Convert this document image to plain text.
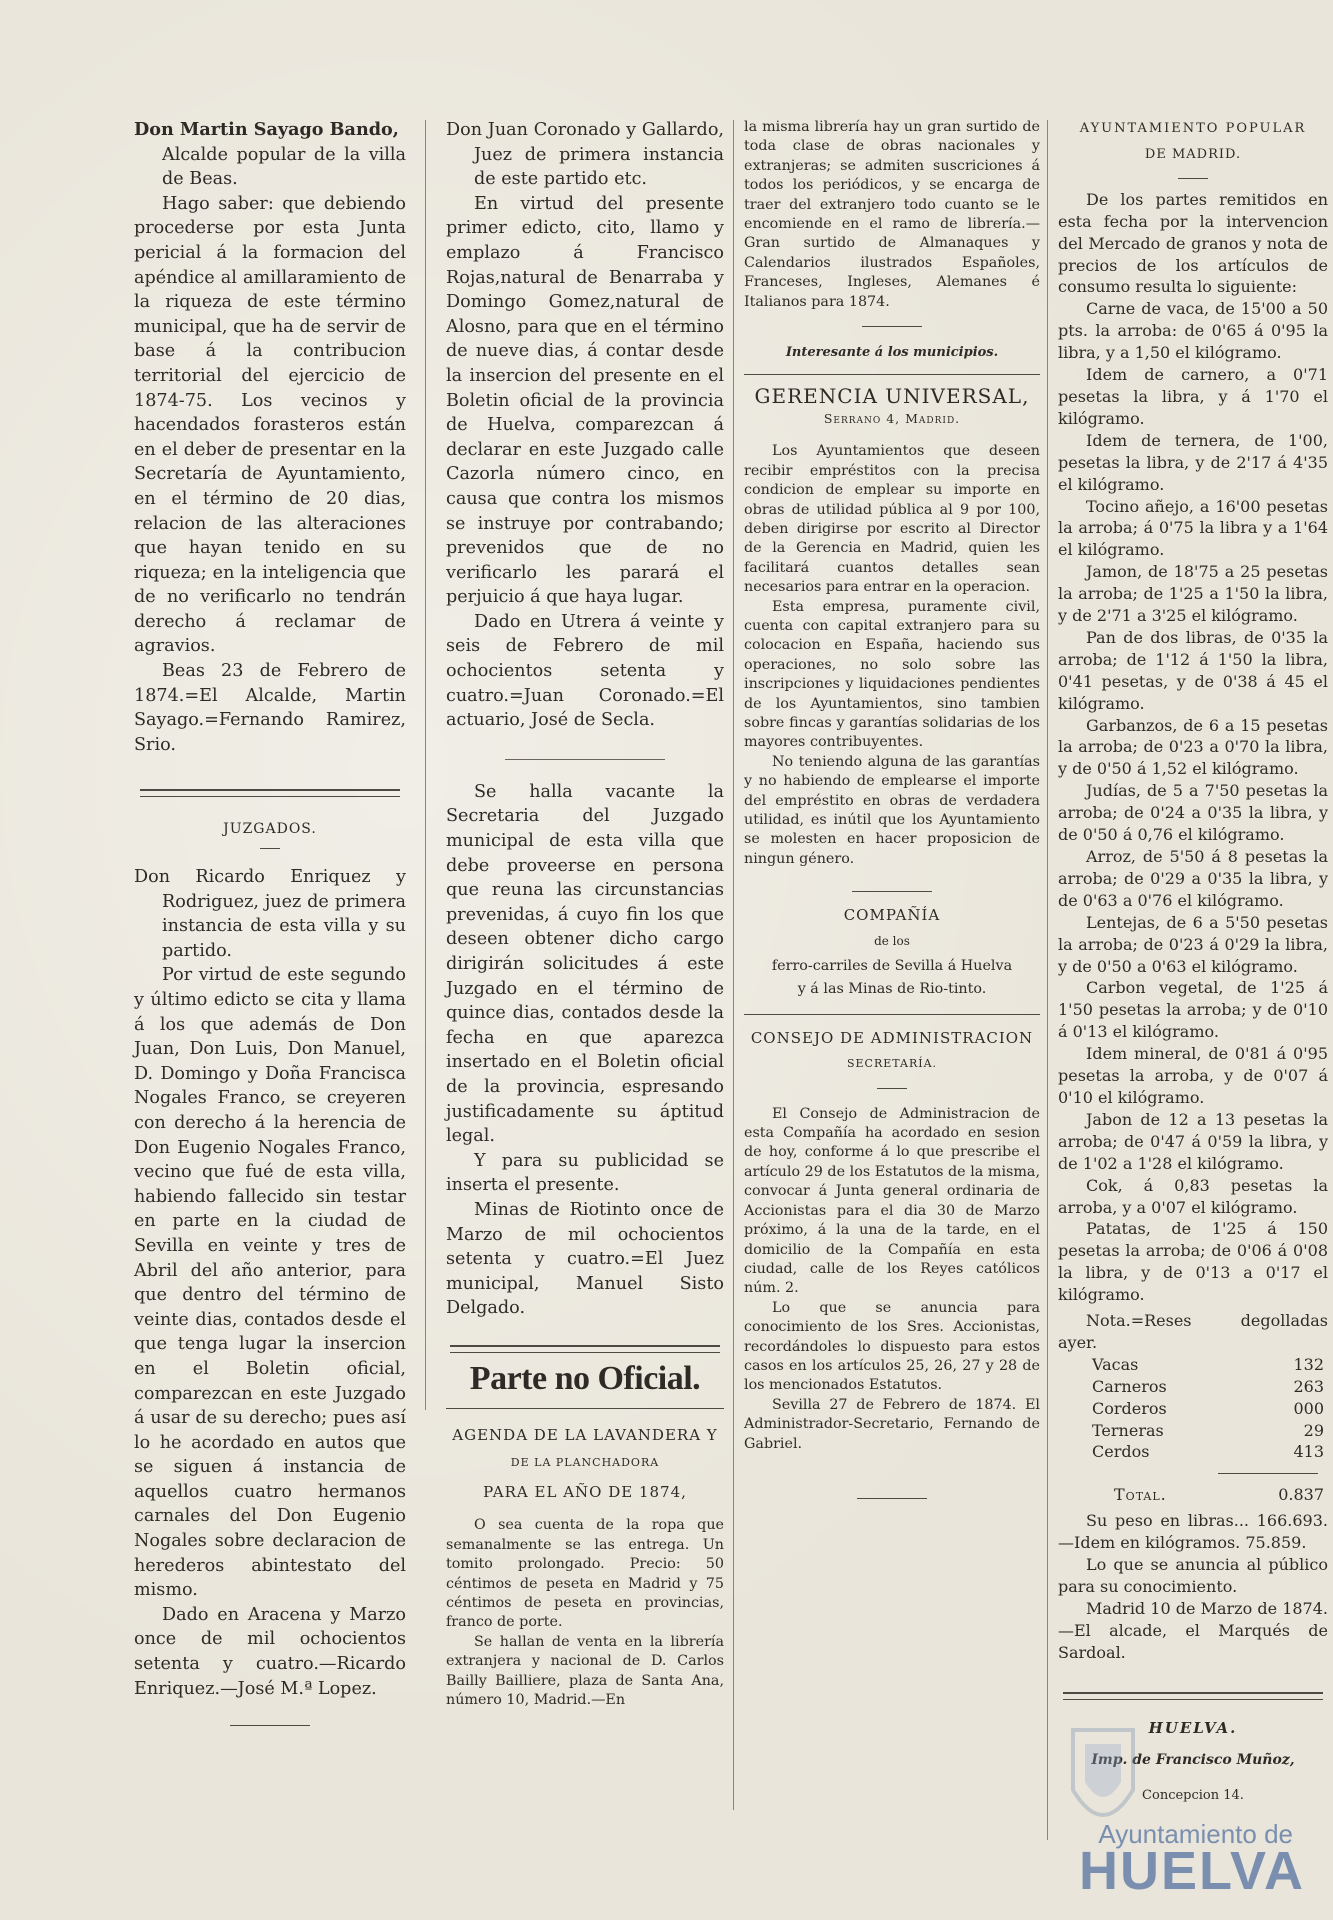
Don Martin Sayago Bando,

Alcalde popular de la villa de Beas.

Hago saber: que debiendo procederse por esta Junta pericial á la formacion del apéndice al amillaramiento de la riqueza de este término municipal, que ha de servir de base á la contribucion territorial del ejercicio de 1874-75. Los vecinos y hacendados forasteros están en el deber de presentar en la Secretaría de Ayuntamiento, en el término de 20 dias, relacion de las alteraciones que hayan tenido en su riqueza; en la inteligencia que de no verificarlo no tendrán derecho á reclamar de agravios.

Beas 23 de Febrero de 1874.=El Alcalde, Martin Sayago.=Fernando Ramirez, Srio.

JUZGADOS.

Don Ricardo Enriquez y Rodriguez, juez de primera instancia de esta villa y su partido.

Por virtud de este segundo y último edicto se cita y llama á los que además de Don Juan, Don Luis, Don Manuel, D. Domingo y Doña Francisca Nogales Franco, se creyeren con derecho á la herencia de Don Eugenio Nogales Franco, vecino que fué de esta villa, habiendo fallecido sin testar en parte en la ciudad de Sevilla en veinte y tres de Abril del año anterior, para que dentro del término de veinte dias, contados desde el que tenga lugar la insercion en el Boletin oficial, comparezcan en este Juzgado á usar de su derecho; pues así lo he acordado en autos que se siguen á instancia de aquellos cuatro hermanos carnales del Don Eugenio Nogales sobre declaracion de herederos abintestato del mismo.

Dado en Aracena y Marzo once de mil ochocientos setenta y cuatro.—Ricardo Enriquez.—José M.ª Lopez.

Don Juan Coronado y Gallardo, Juez de primera instancia de este partido etc.

En virtud del presente primer edicto, cito, llamo y emplazo á Francisco Rojas,natural de Benarraba y Domingo Gomez,natural de Alosno, para que en el término de nueve dias, á contar desde la insercion del presente en el Boletin oficial de la provincia de Huelva, comparezcan á declarar en este Juzgado calle Cazorla número cinco, en causa que contra los mismos se instruye por contrabando; prevenidos que de no verificarlo les parará el perjuicio á que haya lugar.

Dado en Utrera á veinte y seis de Febrero de mil ochocientos setenta y cuatro.=Juan Coronado.=El actuario, José de Secla.

Se halla vacante la Secretaria del Juzgado municipal de esta villa que debe proveerse en persona que reuna las circunstancias prevenidas, á cuyo fin los que deseen obtener dicho cargo dirigirán solicitudes á este Juzgado en el término de quince dias, contados desde la fecha en que aparezca insertado en el Boletin oficial de la provincia, espresando justificadamente su áptitud legal.

Y para su publicidad se inserta el presente.

Minas de Riotinto once de Marzo de mil ochocientos setenta y cuatro.=El Juez municipal, Manuel Sisto Delgado.

Parte no Oficial.

AGENDA DE LA LAVANDERA Y

DE LA PLANCHADORA

PARA EL AÑO DE 1874,

O sea cuenta de la ropa que semanalmente se las entrega. Un tomito prolongado. Precio: 50 céntimos de peseta en Madrid y 75 céntimos de peseta en provincias, franco de porte.

Se hallan de venta en la librería extranjera y nacional de D. Carlos Bailly Bailliere, plaza de Santa Ana, número 10, Madrid.—En

la misma librería hay un gran surtido de toda clase de obras nacionales y extranjeras; se admiten suscriciones á todos los periódicos, y se encarga de traer del extranjero todo cuanto se le encomiende en el ramo de librería.—Gran surtido de Almanaques y Calendarios ilustrados Españoles, Franceses, Ingleses, Alemanes é Italianos para 1874.

Interesante á los municipios.

GERENCIA UNIVERSAL,

Serrano 4, Madrid.

Los Ayuntamientos que deseen recibir empréstitos con la precisa condicion de emplear su importe en obras de utilidad pública al 9 por 100, deben dirigirse por escrito al Director de la Gerencia en Madrid, quien les facilitará cuantos detalles sean necesarios para entrar en la operacion.

Esta empresa, puramente civil, cuenta con capital extranjero para su colocacion en España, haciendo sus operaciones, no solo sobre las inscripciones y liquidaciones pendientes de los Ayuntamientos, sino tambien sobre fincas y garantías solidarias de los mayores contribuyentes.

No teniendo alguna de las garantías y no habiendo de emplearse el importe del empréstito en obras de verdadera utilidad, es inútil que los Ayuntamiento se molesten en hacer proposicion de ningun género.

COMPAÑÍA

de los

ferro-carriles de Sevilla á Huelva

y á las Minas de Rio-tinto.

CONSEJO DE ADMINISTRACION

SECRETARÍA.

El Consejo de Administracion de esta Compañía ha acordado en sesion de hoy, conforme á lo que prescribe el artículo 29 de los Estatutos de la misma, convocar á Junta general ordinaria de Accionistas para el dia 30 de Marzo próximo, á la una de la tarde, en el domicilio de la Compañía en esta ciudad, calle de los Reyes católicos núm. 2.

Lo que se anuncia para conocimiento de los Sres. Accionistas, recordándoles lo dispuesto para estos casos en los artículos 25, 26, 27 y 28 de los mencionados Estatutos.

Sevilla 27 de Febrero de 1874. El Administrador-Secretario, Fernando de Gabriel.

AYUNTAMIENTO POPULAR

DE MADRID.

De los partes remitidos en esta fecha por la intervencion del Mercado de granos y nota de precios de los artículos de consumo resulta lo siguiente:

Carne de vaca, de 15'00 a 50 pts. la arroba: de 0'65 á 0'95 la libra, y a 1,50 el kilógramo.

Idem de carnero, a 0'71 pesetas la libra, y á 1'70 el kilógramo.

Idem de ternera, de 1'00, pesetas la libra, y de 2'17 á 4'35 el kilógramo.

Tocino añejo, a 16'00 pesetas la arroba; á 0'75 la libra y a 1'64 el kilógramo.

Jamon, de 18'75 a 25 pesetas la arroba; de 1'25 a 1'50 la libra, y de 2'71 a 3'25 el kilógramo.

Pan de dos libras, de 0'35 la arroba; de 1'12 á 1'50 la libra, 0'41 pesetas, y de 0'38 á 45 el kilógramo.

Garbanzos, de 6 a 15 pesetas la arroba; de 0'23 a 0'70 la libra, y de 0'50 á 1,52 el kilógramo.

Judías, de 5 a 7'50 pesetas la arroba; de 0'24 a 0'35 la libra, y de 0'50 á 0,76 el kilógramo.

Arroz, de 5'50 á 8 pesetas la arroba; de 0'29 a 0'35 la libra, y de 0'63 a 0'76 el kilógramo.

Lentejas, de 6 a 5'50 pesetas la arroba; de 0'23 á 0'29 la libra, y de 0'50 a 0'63 el kilógramo.

Carbon vegetal, de 1'25 á 1'50 pesetas la arroba; y de 0'10 á 0'13 el kilógramo.

Idem mineral, de 0'81 á 0'95 pesetas la arroba, y de 0'07 á 0'10 el kilógramo.

Jabon de 12 a 13 pesetas la arroba; de 0'47 á 0'59 la libra, y de 1'02 a 1'28 el kilógramo.

Cok, á 0,83 pesetas la arroba, y a 0'07 el kilógramo.

Patatas, de 1'25 á 150 pesetas la arroba; de 0'06 á 0'08 la libra, y de 0'13 a 0'17 el kilógramo.

Nota.=Reses degolladas ayer.

Vacas	132
Carneros	263
Corderos	000
Terneras	29
Cerdos	413
Total.	0.837

Su peso en libras... 166.693.—Idem en kilógramos. 75.859.

Lo que se anuncia al público para su conocimiento.

Madrid 10 de Marzo de 1874.—El alcade, el Marqués de Sardoal.

HUELVA.

Imp. de Francisco Muñoz,

Concepcion 14.

Ayuntamiento de
HUELVA
